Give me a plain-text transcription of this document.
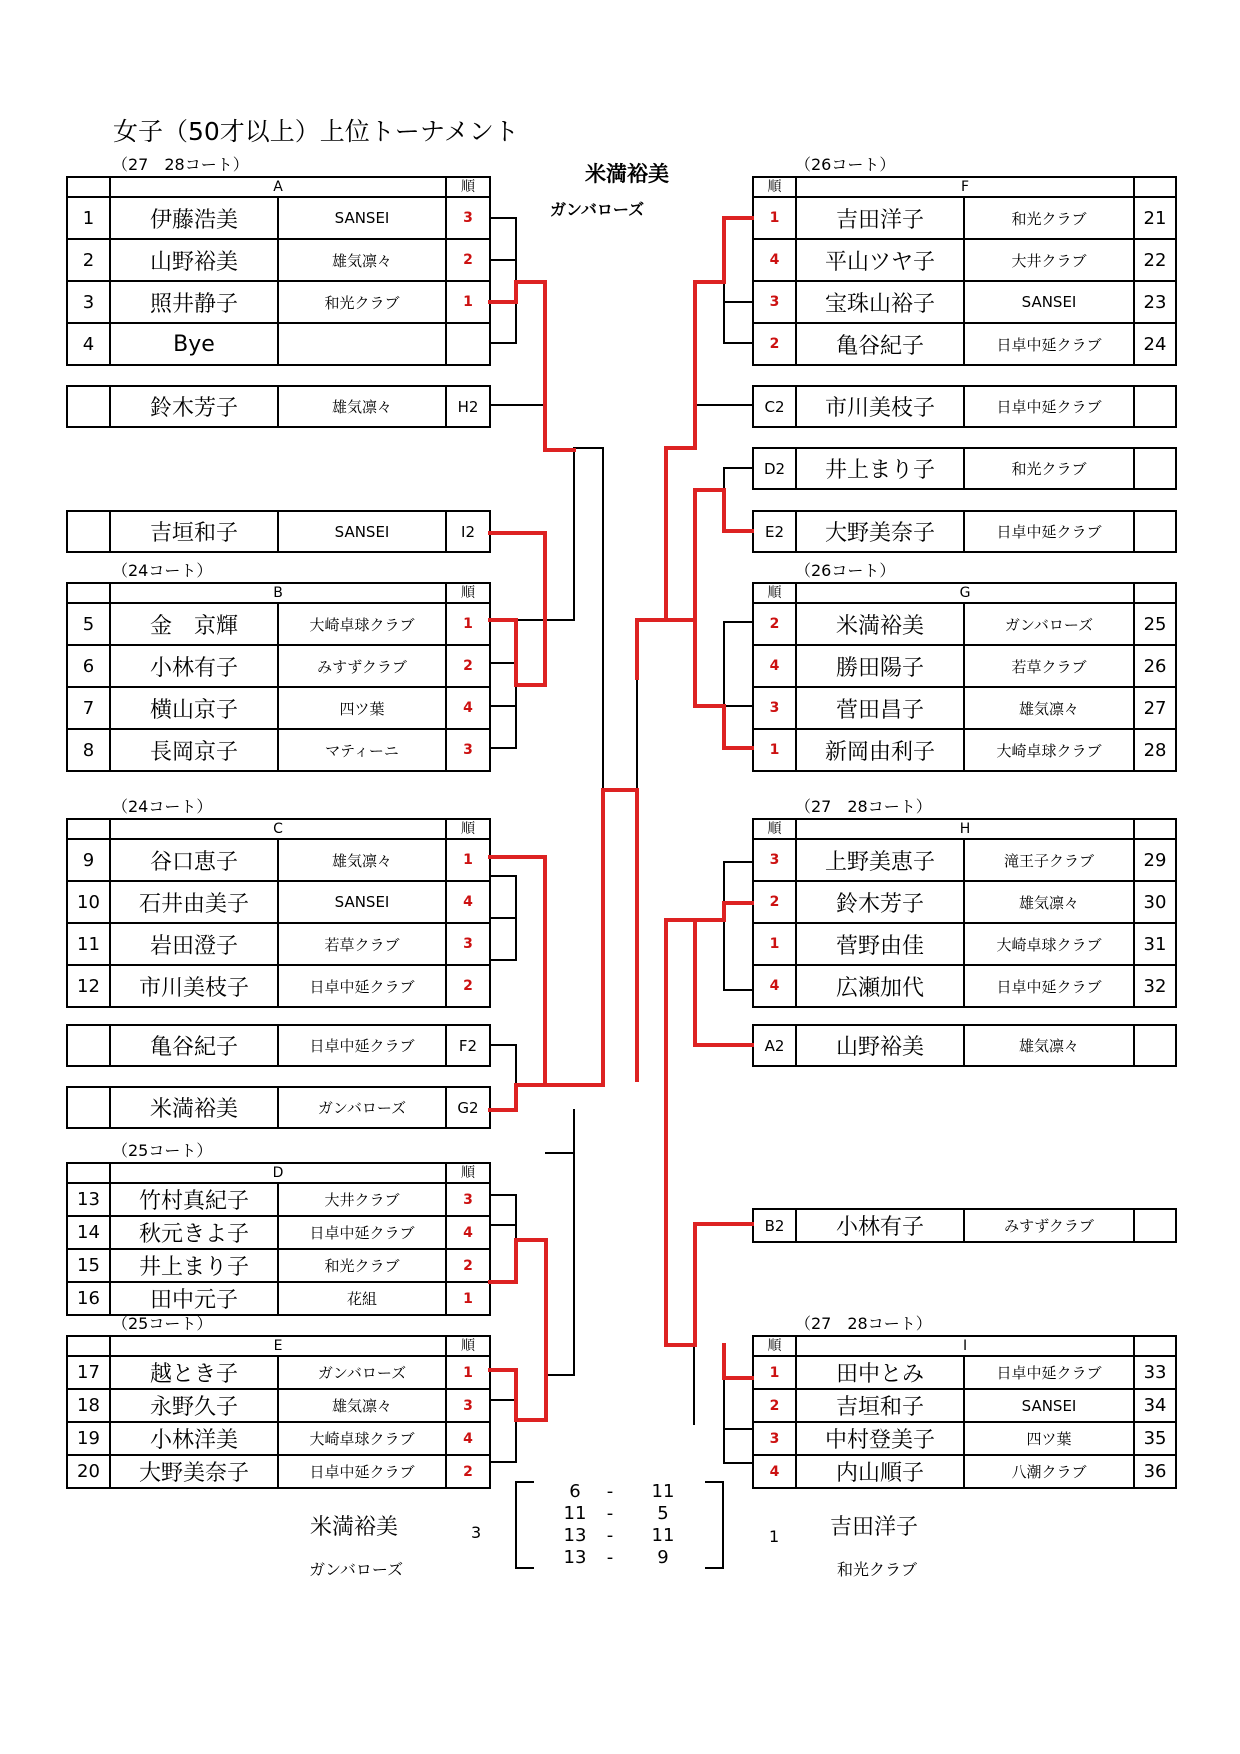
女子（50才以上）上位トーナメント
米満裕美
ガンバローズ
（27　28コート）
（24コート）
（24コート）
（25コート）
（25コート）
（26コート）
（26コート）
（27　28コート）
（27　28コート）
	A		順
1	伊藤浩美	SANSEI	3
2	山野裕美	雄気凛々	2
3	照井静子	和光クラブ	1
4	Bye		
	B		順
5	金　京輝	大崎卓球クラブ	1
6	小林有子	みすずクラブ	2
7	横山京子	四ツ葉	4
8	長岡京子	マティーニ	3
	C		順
9	谷口恵子	雄気凛々	1
10	石井由美子	SANSEI	4
11	岩田澄子	若草クラブ	3
12	市川美枝子	日卓中延クラブ	2
	D		順
13	竹村真紀子	大井クラブ	3
14	秋元きよ子	日卓中延クラブ	4
15	井上まり子	和光クラブ	2
16	田中元子	花組	1
	E		順
17	越とき子	ガンバローズ	1
18	永野久子	雄気凛々	3
19	小林洋美	大崎卓球クラブ	4
20	大野美奈子	日卓中延クラブ	2
順	F		
1	吉田洋子	和光クラブ	21
4	平山ツヤ子	大井クラブ	22
3	宝珠山裕子	SANSEI	23
2	亀谷紀子	日卓中延クラブ	24
順	G		
2	米満裕美	ガンバローズ	25
4	勝田陽子	若草クラブ	26
3	菅田昌子	雄気凛々	27
1	新岡由利子	大崎卓球クラブ	28
順	H		
3	上野美恵子	滝王子クラブ	29
2	鈴木芳子	雄気凛々	30
1	菅野由佳	大崎卓球クラブ	31
4	広瀬加代	日卓中延クラブ	32
順	I		
1	田中とみ	日卓中延クラブ	33
2	吉垣和子	SANSEI	34
3	中村登美子	四ツ葉	35
4	内山順子	八潮クラブ	36
	鈴木芳子	雄気凛々	H2
	吉垣和子	SANSEI	I2
	亀谷紀子	日卓中延クラブ	F2
	米満裕美	ガンバローズ	G2
C2	市川美枝子	日卓中延クラブ	
D2	井上まり子	和光クラブ	
E2	大野美奈子	日卓中延クラブ	
A2	山野裕美	雄気凛々	
B2	小林有子	みすずクラブ	
米満裕美
ガンバローズ
3	吉田洋子
和光クラブ
1
6	-	11
11	-	5
13	-	11
13	-	9
